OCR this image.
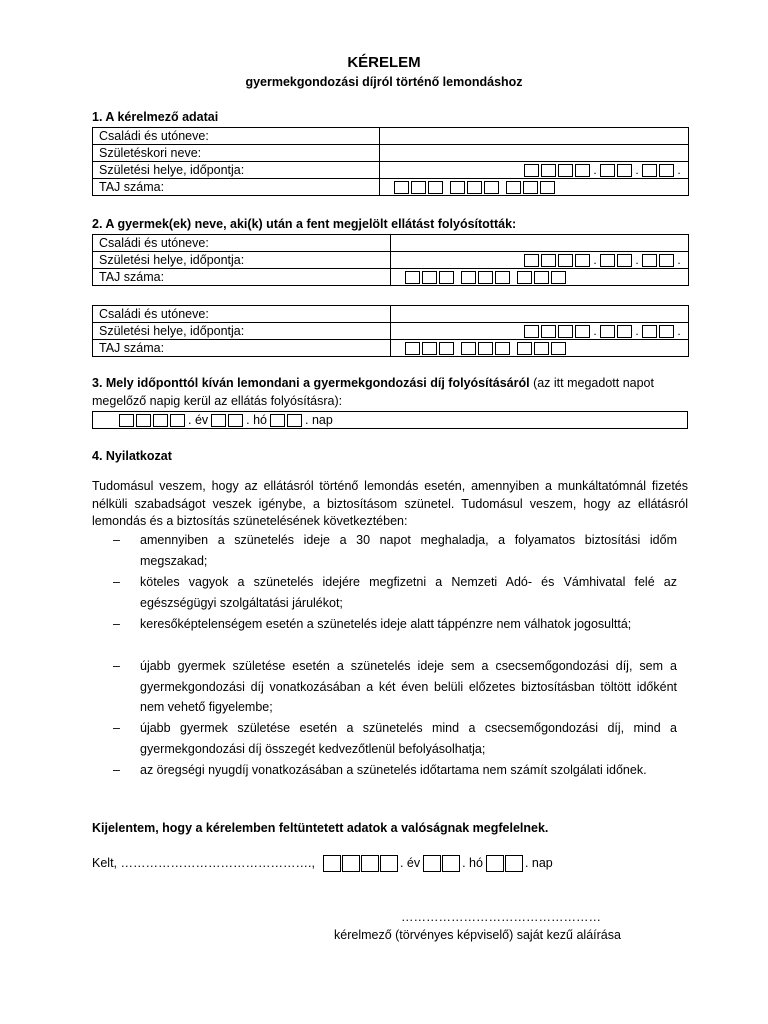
KÉRELEM
gyermekgondozási díjról történő lemondáshoz
1. A kérelmező adatai
Családi és utóneve:	
Születéskori neve:	
Születési helye, időpontja:	. . .

TAJ száma:	
2. A gyermek(ek) neve, aki(k) után a fent megjelölt ellátást folyósították:
Családi és utóneve:	
Születési helye, időpontja:	. . .

TAJ száma:	
Családi és utóneve:	
Születési helye, időpontja:	. . .

TAJ száma:	
3. Mely időponttól kíván lemondani a gyermekgondozási díj folyósításáról (az itt megadott napot megelőző napig kerül az ellátás folyósításra):
. év	. hó	. nap
4. Nyilatkozat
Tudomásul veszem, hogy az ellátásról történő lemondás esetén, amennyiben a munkáltatómnál fizetés nélküli szabadságot veszek igénybe, a biztosításom szünetel. Tudomásul veszem, hogy az ellátásról lemondás és a biztosítás szünetelésének következtében:
– amennyiben a szünetelés ideje a 30 napot meghaladja, a folyamatos biztosítási időm megszakad;
– köteles vagyok a szünetelés idejére megfizetni a Nemzeti Adó- és Vámhivatal felé az egészségügyi szolgáltatási járulékot;
– keresőképtelenségem esetén a szünetelés ideje alatt táppénzre nem válhatok jogosulttá;
– újabb gyermek születése esetén a szünetelés ideje sem a csecsemőgondozási díj, sem a gyermekgondozási díj vonatkozásában a két éven belüli előzetes biztosításban töltött időként nem vehető figyelembe;
– újabb gyermek születése esetén a szünetelés mind a csecsemőgondozási díj, mind a gyermekgondozási díj összegét kedvezőtlenül befolyásolhatja;
– az öregségi nyugdíj vonatkozásában a szünetelés időtartama nem számít szolgálati időnek.
Kijelentem, hogy a kérelemben feltüntetett adatok a valóságnak megfelelnek.
Kelt, ……………………………………….,	. év	. hó	. nap
…………………………………………
kérelmező (törvényes képviselő) saját kezű aláírása
